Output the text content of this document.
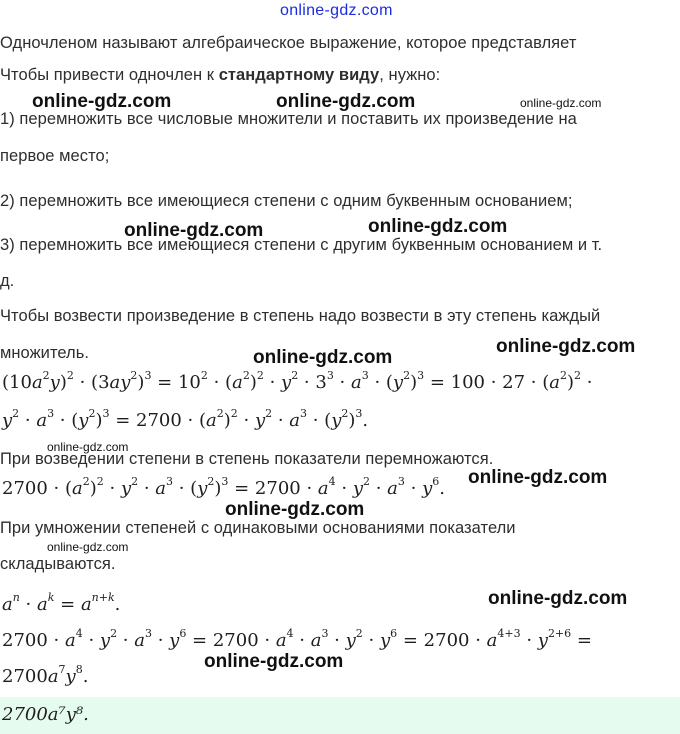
online-gdz.com
Одночленом называют алгебраическое выражение, которое представляет
Чтобы привести одночлен к стандартному виду, нужно:
online-gdz.com	online-gdz.com	online-gdz.com
1) перемножить все числовые множители и поставить их произведение на
первое место;
2) перемножить все имеющиеся степени с одним буквенным основанием;
online-gdz.com	online-gdz.com
3) перемножить все имеющиеся степени с другим буквенным основанием и т.
д.
Чтобы возвести произведение в степень надо возвести в эту степень каждый
множитель.	online-gdz.com
online-gdz.com
$(10a^2y)^2 \cdot (3ay^2)^3 = 10^2 \cdot (a^2)^2 \cdot y^2 \cdot 3^3 \cdot a^3 \cdot (y^2)^3 = 100 \cdot 27 \cdot (a^2)^2$ ·
$y^2 \cdot a^3 \cdot (y^2)^3 = 2700 \cdot (a^2)^2 \cdot y^2 \cdot a^3 \cdot (y^2)^3$.
online-gdz.com
При возведении степени в степень показатели перемножаются.
online-gdz.com
$2700 \cdot (a^2)^2 \cdot y^2 \cdot a^3 \cdot (y^2)^3 = 2700 \cdot a^4 \cdot y^2 \cdot a^3 \cdot y^6$.
online-gdz.com
При умножении степеней с одинаковыми основаниями показатели
online-gdz.com
складываются.
online-gdz.com
$a^n \cdot a^k = a^{n+k}$.
$2700 \cdot a^4 \cdot y^2 \cdot a^3 \cdot y^6 = 2700 \cdot a^4 \cdot a^3 \cdot y^2 \cdot y^6 = 2700 \cdot a^{4+3} \cdot y^{2+6}$ =
online-gdz.com
$2700a^7y^8$.
2700a⁷y⁸.
